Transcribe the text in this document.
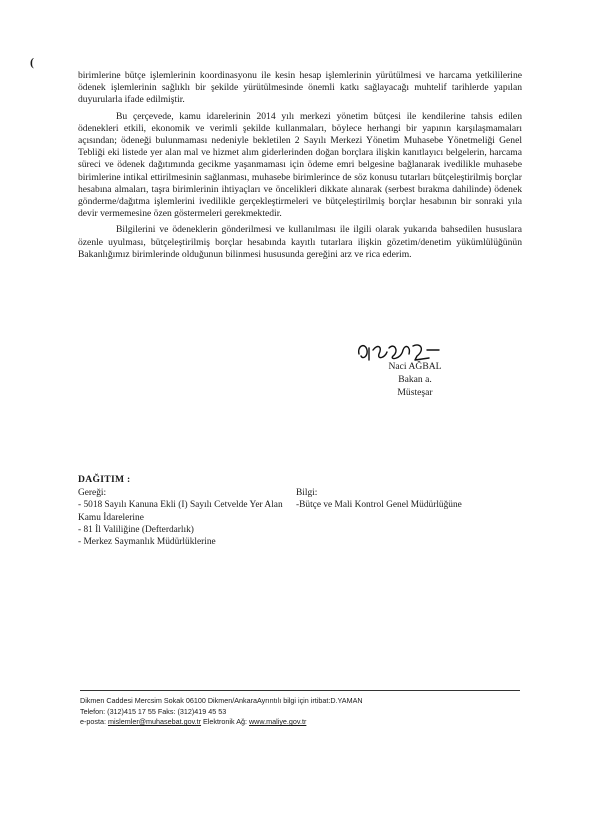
(

birimlerine bütçe işlemlerinin koordinasyonu ile kesin hesap işlemlerinin yürütülmesi ve harcama yetkililerine ödenek işlemlerinin sağlıklı bir şekilde yürütülmesinde önemli katkı sağlayacağı muhtelif tarihlerde yapılan duyurularla ifade edilmiştir.

Bu çerçevede, kamu idarelerinin 2014 yılı merkezi yönetim bütçesi ile kendilerine tahsis edilen ödenekleri etkili, ekonomik ve verimli şekilde kullanmaları, böylece herhangi bir yapının karşılaşmamaları açısından; ödeneği bulunmaması nedeniyle bekletilen 2 Sayılı Merkezi Yönetim Muhasebe Yönetmeliği Genel Tebliği eki listede yer alan mal ve hizmet alım giderlerinden doğan borçlara ilişkin kanıtlayıcı belgelerin, harcama süreci ve ödenek dağıtımında gecikme yaşanmaması için ödeme emri belgesine bağlanarak ivedilikle muhasebe birimlerine intikal ettirilmesinin sağlanması, muhasebe birimlerince de söz konusu tutarları bütçeleştirilmiş borçlar hesabına almaları, taşra birimlerinin ihtiyaçları ve öncelikleri dikkate alınarak (serbest bırakma dahilinde) ödenek gönderme/dağıtma işlemlerini ivedilikle gerçekleştirmeleri ve bütçeleştirilmiş borçlar hesabının bir sonraki yıla devir vermemesine özen göstermeleri gerekmektedir.

Bilgilerini ve ödeneklerin gönderilmesi ve kullanılması ile ilgili olarak yukarıda bahsedilen hususlara özenle uyulması, bütçeleştirilmiş borçlar hesabında kayıtlı tutarlara ilişkin gözetim/denetim yükümlülüğünün Bakanlığımız birimlerinde olduğunun bilinmesi hususunda gereğini arz ve rica ederim.

Naci AĞBAL
Bakan a.
Müsteşar
DAĞITIM :
Gereği:
- 5018 Sayılı Kanuna Ekli (I) Sayılı Cetvelde Yer Alan Kamu İdarelerine
- 81 İl Valiliğine (Defterdarlık)
- Merkez Saymanlık Müdürlüklerine
Bilgi:
-Bütçe ve Mali Kontrol Genel Müdürlüğüne
Dikmen Caddesi Mercsim Sokak 06100 Dikmen/AnkaraAyrıntılı bilgi için irtibat:D.YAMAN
Telefon: (312)415 17 55 Faks: (312)419 45 53
e-posta: mislemler@muhasebat.gov.tr Elektronik Ağ: www.maliye.gov.tr
